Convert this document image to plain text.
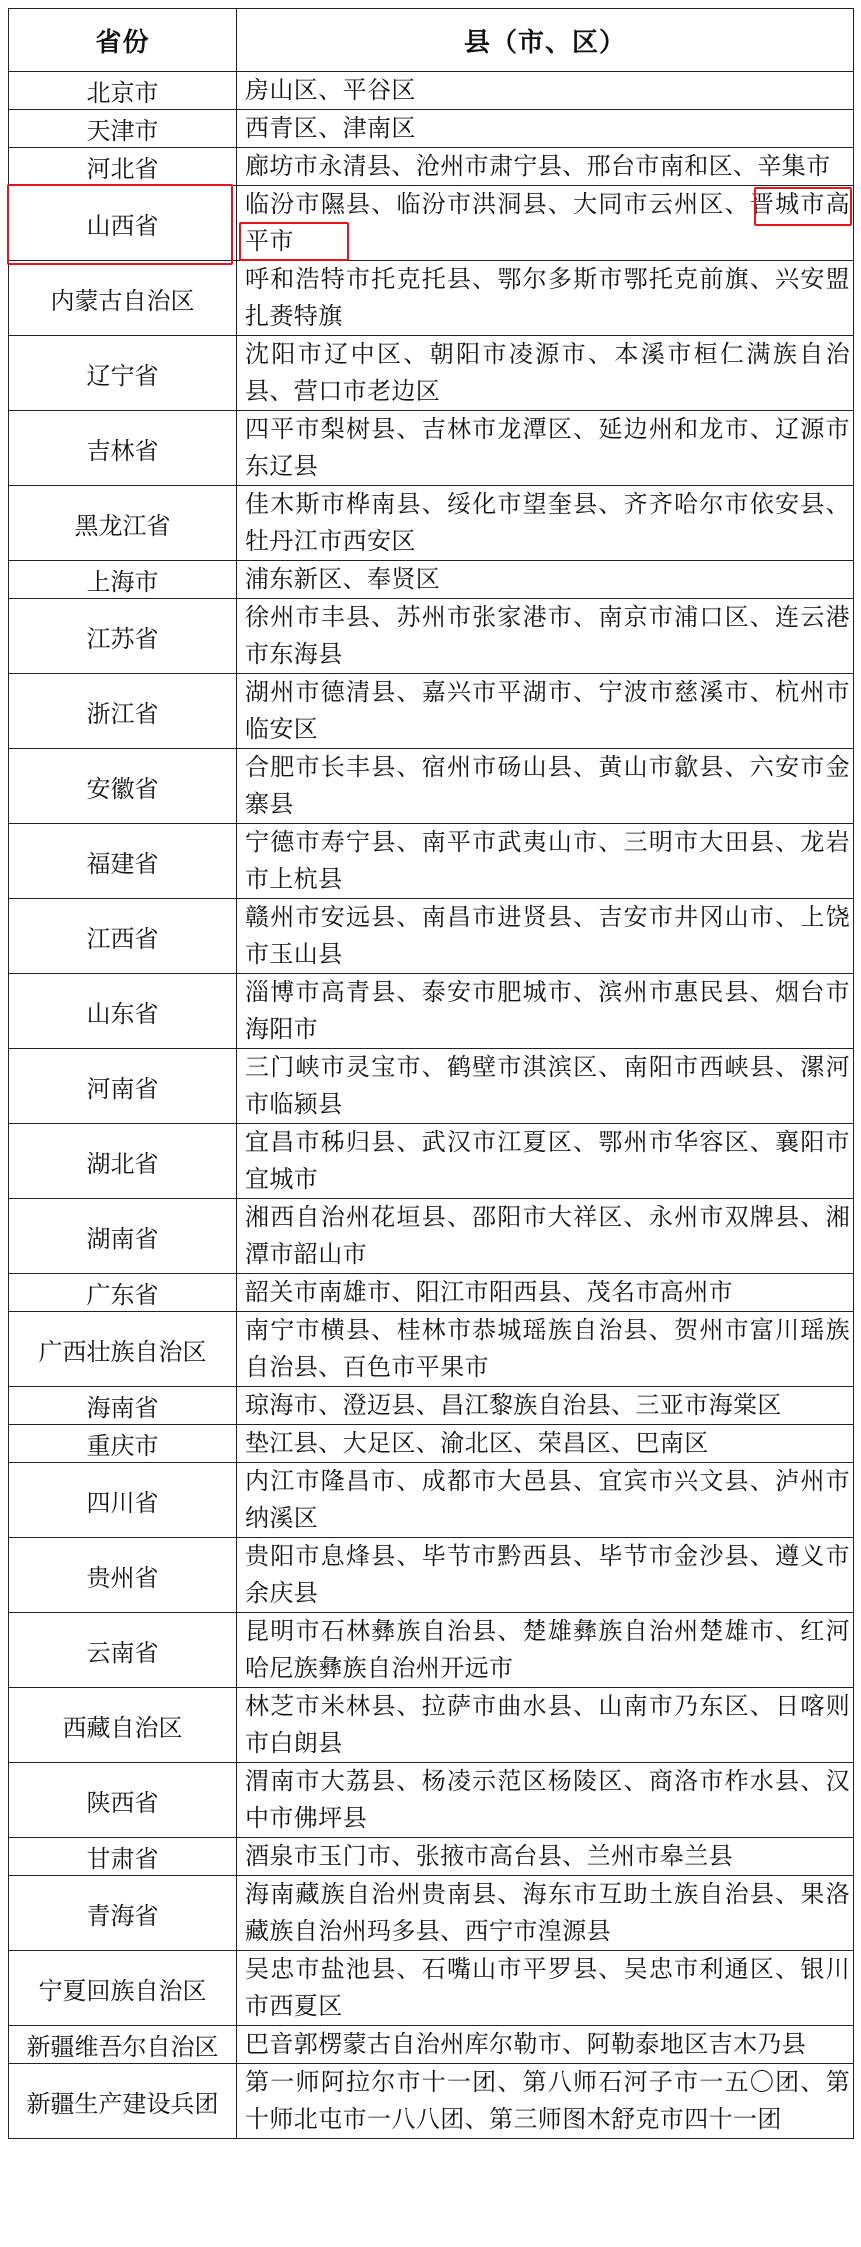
省份	县（市、区）
北京市	房山区、平谷区
天津市	西青区、津南区
河北省	廊坊市永清县、沧州市肃宁县、邢台市南和区、辛集市
山西省	临汾市隰县、临汾市洪洞县、大同市云州区、晋城市高平市
内蒙古自治区	呼和浩特市托克托县、鄂尔多斯市鄂托克前旗、兴安盟扎赉特旗
辽宁省	沈阳市辽中区、朝阳市凌源市、本溪市桓仁满族自治县、营口市老边区
吉林省	四平市梨树县、吉林市龙潭区、延边州和龙市、辽源市东辽县
黑龙江省	佳木斯市桦南县、绥化市望奎县、齐齐哈尔市依安县、牡丹江市西安区
上海市	浦东新区、奉贤区
江苏省	徐州市丰县、苏州市张家港市、南京市浦口区、连云港市东海县
浙江省	湖州市德清县、嘉兴市平湖市、宁波市慈溪市、杭州市临安区
安徽省	合肥市长丰县、宿州市砀山县、黄山市歙县、六安市金寨县
福建省	宁德市寿宁县、南平市武夷山市、三明市大田县、龙岩市上杭县
江西省	赣州市安远县、南昌市进贤县、吉安市井冈山市、上饶市玉山县
山东省	淄博市高青县、泰安市肥城市、滨州市惠民县、烟台市海阳市
河南省	三门峡市灵宝市、鹤壁市淇滨区、南阳市西峡县、漯河市临颍县
湖北省	宜昌市秭归县、武汉市江夏区、鄂州市华容区、襄阳市宜城市
湖南省	湘西自治州花垣县、邵阳市大祥区、永州市双牌县、湘潭市韶山市
广东省	韶关市南雄市、阳江市阳西县、茂名市高州市
广西壮族自治区	南宁市横县、桂林市恭城瑶族自治县、贺州市富川瑶族自治县、百色市平果市
海南省	琼海市、澄迈县、昌江黎族自治县、三亚市海棠区
重庆市	垫江县、大足区、渝北区、荣昌区、巴南区
四川省	内江市隆昌市、成都市大邑县、宜宾市兴文县、泸州市纳溪区
贵州省	贵阳市息烽县、毕节市黔西县、毕节市金沙县、遵义市余庆县
云南省	昆明市石林彝族自治县、楚雄彝族自治州楚雄市、红河哈尼族彝族自治州开远市
西藏自治区	林芝市米林县、拉萨市曲水县、山南市乃东区、日喀则市白朗县
陕西省	渭南市大荔县、杨凌示范区杨陵区、商洛市柞水县、汉中市佛坪县
甘肃省	酒泉市玉门市、张掖市高台县、兰州市皋兰县
青海省	海南藏族自治州贵南县、海东市互助土族自治县、果洛藏族自治州玛多县、西宁市湟源县
宁夏回族自治区	吴忠市盐池县、石嘴山市平罗县、吴忠市利通区、银川市西夏区
新疆维吾尔自治区	巴音郭楞蒙古自治州库尔勒市、阿勒泰地区吉木乃县
新疆生产建设兵团	第一师阿拉尔市十一团、第八师石河子市一五〇团、第十师北屯市一八八团、第三师图木舒克市四十一团
